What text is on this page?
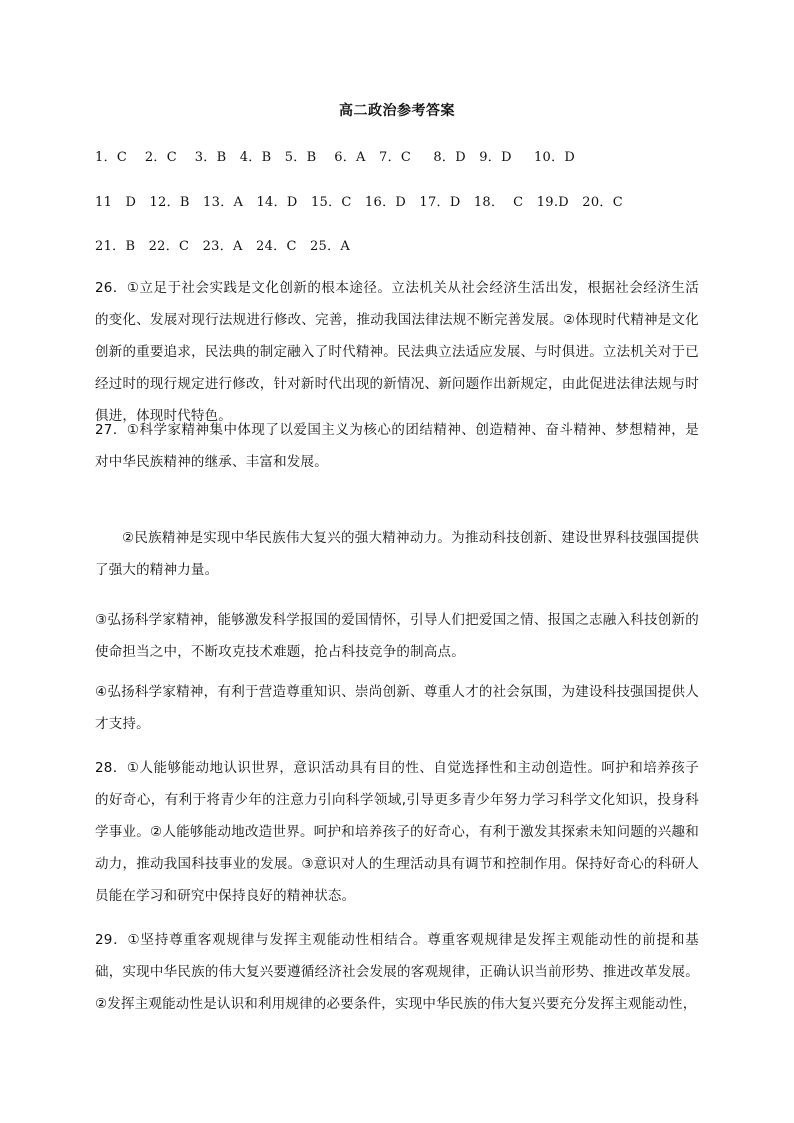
高二政治参考答案
1．C    2．C    3．B   4．B   5．B    6．A   7．C     8．D   9．D     10．D
11   D   12．B   13．A   14．D   15．C   16．D   17．D   18．  C   19.D   20．C
21．B   22．C   23．A   24．C   25．A

26．①立足于社会实践是文化创新的根本途径。立法机关从社会经济生活出发，根据社会经济生活的变化、发展对现行法规进行修改、完善，推动我国法律法规不断完善发展。②体现时代精神是文化创新的重要追求，民法典的制定融入了时代精神。民法典立法适应发展、与时俱进。立法机关对于已经过时的现行规定进行修改，针对新时代出现的新情况、新问题作出新规定，由此促进法律法规与时俱进，体现时代特色。

27．①科学家精神集中体现了以爱国主义为核心的团结精神、创造精神、奋斗精神、梦想精神，是对中华民族精神的继承、丰富和发展。

②民族精神是实现中华民族伟大复兴的强大精神动力。为推动科技创新、建设世界科技强国提供了强大的精神力量。

③弘扬科学家精神，能够激发科学报国的爱国情怀，引导人们把爱国之情、报国之志融入科技创新的使命担当之中，不断攻克技术难题，抢占科技竞争的制高点。

④弘扬科学家精神，有利于营造尊重知识、崇尚创新、尊重人才的社会氛围，为建设科技强国提供人才支持。

28．①人能够能动地认识世界，意识活动具有目的性、自觉选择性和主动创造性。呵护和培养孩子的好奇心，有利于将青少年的注意力引向科学领域,引导更多青少年努力学习科学文化知识，投身科学事业。②人能够能动地改造世界。呵护和培养孩子的好奇心，有利于激发其探索未知问题的兴趣和动力，推动我国科技事业的发展。③意识对人的生理活动具有调节和控制作用。保持好奇心的科研人员能在学习和研究中保持良好的精神状态。

29．①坚持尊重客观规律与发挥主观能动性相结合。尊重客观规律是发挥主观能动性的前提和基础，实现中华民族的伟大复兴要遵循经济社会发展的客观规律，正确认识当前形势、推进改革发展。②发挥主观能动性是认识和利用规律的必要条件，实现中华民族的伟大复兴要充分发挥主观能动性，
